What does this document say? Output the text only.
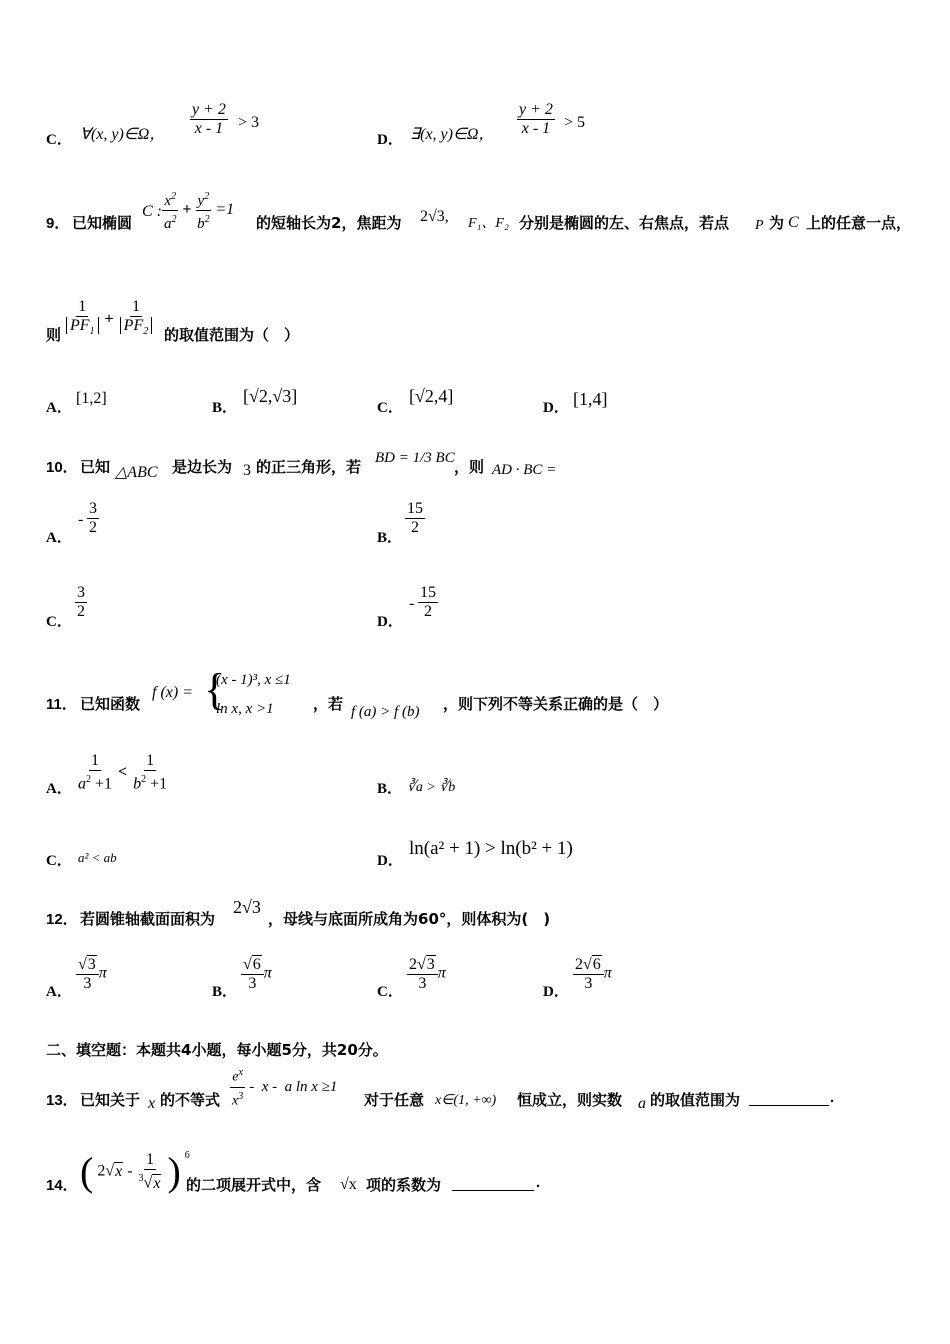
C． ∀(x, y)∈Ω， $\frac{y + 2}{x - 1} > 3$
D． ∃(x, y)∈Ω， $\frac{y + 2}{x - 1} > 5$
9． 已知椭圆
C : $\frac{x^2}{a^2} + \frac{y^2}{b^2} =1$
的短轴长为2，焦距为 2√3, F₁、F₂ 分别是椭圆的左、右焦点，若点 P 为 C 上的任意一点，
则 $\frac{1}{PF_1} + \frac{1}{PF_2}$ 的取值范围为（　）
A．
[1,2]
B．
[√2,√3]
C．
[√2,4]
D． [1,4]
10． 已知 △ABC 是边长为 3 的正三角形，若 BD = 1/3 BC ，则 AD · BC =
A．
- $\frac{3}{2}$
B．
$\frac{15}{2}$
C．
$\frac{3}{2}$
D．
- $\frac{15}{2}$
11． 已知函数
f (x) = {
(x - 1)³, x ≤1
ln x, x >1	，若 f (a) > f (b) ，则下列不等关系正确的是（　）
A． $\frac{1}{a^2 +1} < \frac{1}{b^2 +1}$	B． ∛a > ∛b
C． a² < ab	D．
ln(a² + 1) > ln(b² + 1)
12． 若圆锥轴截面面积为
2√3
，母线与底面所成角为60°，则体积为(　)
A． $\frac{√3}{3}$ π
B． $\frac{√6}{3}$ π
C． $\frac{2√3}{3}$ π
D． $\frac{2√6}{3}$ π
二、填空题：本题共4小题，每小题5分，共20分。
13． 已知关于 x 的不等式 $\frac{e^x}{x^3}$ -  x -  a ln x ≥1
对于任意 x∈(1, +∞) 恒成立，则实数 a 的取值范围为	.
14． ( $2√x - \frac{1}{^3√x}$ ) $^6$
的二项展开式中，含 √x 项的系数为	.
